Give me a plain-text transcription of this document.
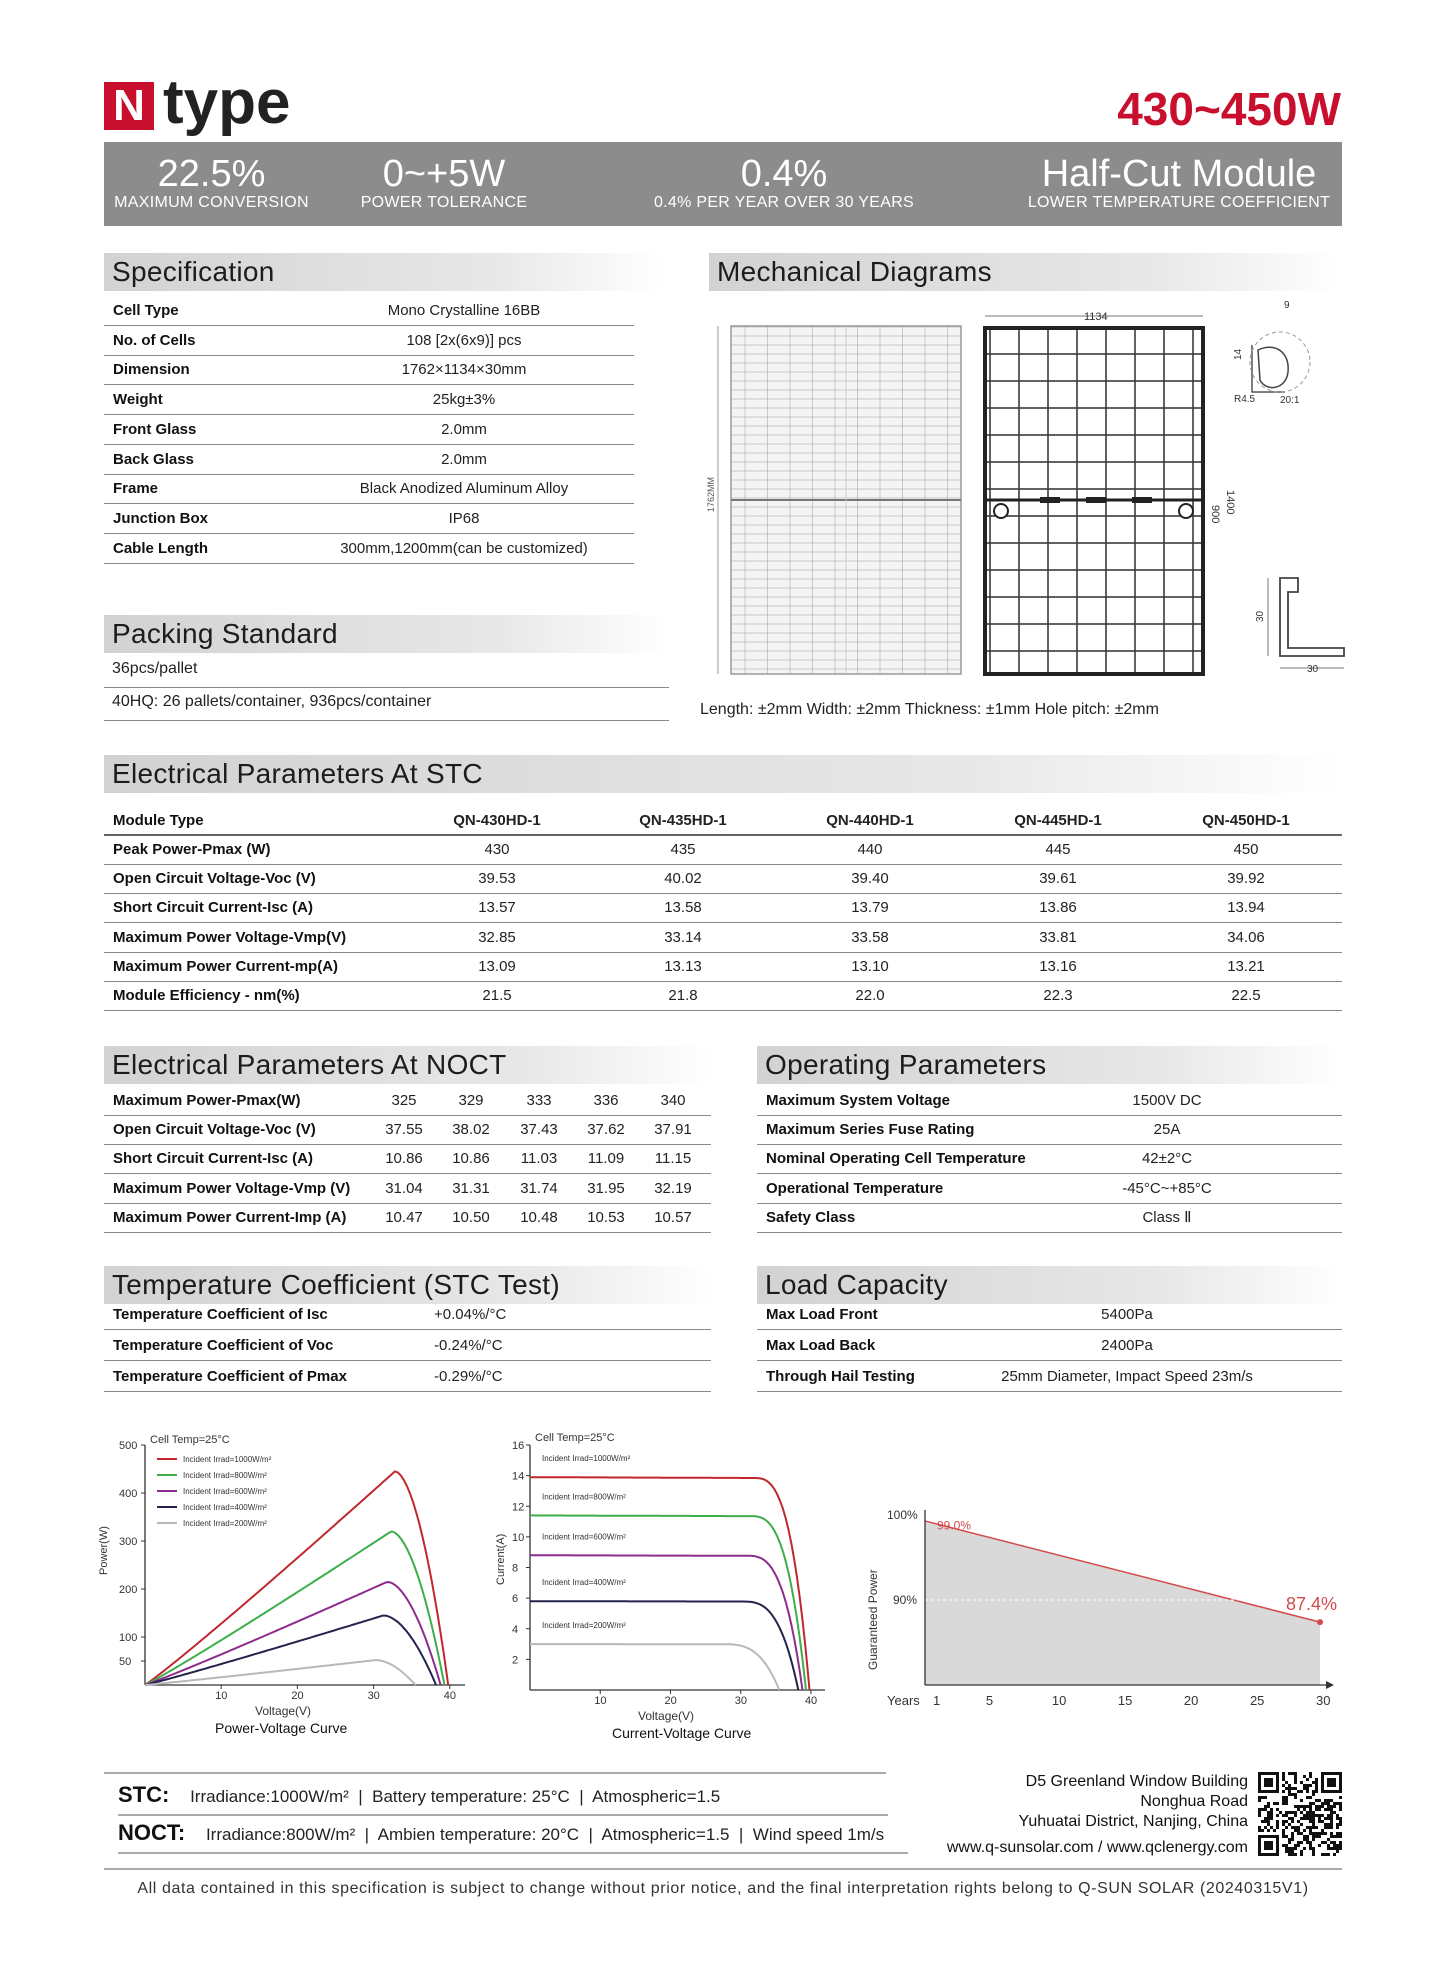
N type	430~450W
22.5%
MAXIMUM CONVERSION
0~+5W
POWER TOLERANCE
0.4%
0.4% PER YEAR OVER 30 YEARS
Half-Cut Module
LOWER TEMPERATURE COEFFICIENT
Specification
Cell Type	Mono Crystalline 16BB
No. of Cells	108 [2x(6x9)] pcs
Dimension	1762×1134×30mm
Weight	25kg±3%
Front Glass	2.0mm
Back Glass	2.0mm
Frame	Black Anodized Aluminum Alloy
Junction Box	IP68
Cable Length	300mm,1200mm(can be customized)
Mechanical Diagrams
1762MM
1134
900 1400
9
14
R4.5 20:1
30
30
Length: ±2mm Width: ±2mm Thickness: ±1mm Hole pitch: ±2mm
Packing Standard
36pcs/pallet
40HQ: 26 pallets/container, 936pcs/container
Electrical Parameters At STC
Module Type	QN-430HD-1	QN-435HD-1	QN-440HD-1	QN-445HD-1	QN-450HD-1
Peak Power-Pmax (W)	430	435	440	445	450
Open Circuit Voltage-Voc (V)	39.53	40.02	39.40	39.61	39.92
Short Circuit Current-Isc (A)	13.57	13.58	13.79	13.86	13.94
Maximum Power Voltage-Vmp(V)	32.85	33.14	33.58	33.81	34.06
Maximum Power Current-mp(A)	13.09	13.13	13.10	13.16	13.21
Module Efficiency - nm(%)	21.5	21.8	22.0	22.3	22.5
Electrical Parameters At NOCT
Maximum Power-Pmax(W)	325	329	333	336	340
Open Circuit Voltage-Voc (V)	37.55	38.02	37.43	37.62	37.91
Short Circuit Current-Isc (A)	10.86	10.86	11.03	11.09	11.15
Maximum Power Voltage-Vmp (V)	31.04	31.31	31.74	31.95	32.19
Maximum Power Current-Imp (A)	10.47	10.50	10.48	10.53	10.57
Operating Parameters
Maximum System Voltage	1500V DC
Maximum Series Fuse Rating	25A
Nominal Operating Cell Temperature	42±2°C
Operational Temperature	-45°C~+85°C
Safety Class	Class Ⅱ
Temperature Coefficient (STC Test)
Temperature Coefficient of Isc	+0.04%/°C
Temperature Coefficient of Voc	-0.24%/°C
Temperature Coefficient of Pmax	-0.29%/°C
Load Capacity
Max Load Front	5400Pa
Max Load Back	2400Pa
Through Hail Testing	25mm Diameter, Impact Speed 23m/s
10	20	30	40
50
100
200
300
400
500 Cell Temp=25°C
Power(W)
Voltage(V)
Power-Voltage Curve
Incident Irrad=1000W/m²
Incident Irrad=800W/m²
Incident Irrad=600W/m²
Incident Irrad=400W/m²
Incident Irrad=200W/m²
10	20	30	40
2
4
6
8
10
12
14
16
Cell Temp=25°C
Current(A)
Voltage(V)
Current-Voltage Curve
Incident Irrad=1000W/m²
Incident Irrad=800W/m²
Incident Irrad=600W/m²
Incident Irrad=400W/m²
Incident Irrad=200W/m²
100%
90%
99.0%
87.4%
Guaranteed Power
Years 1	5	10	15	20	25	30
STC: Irradiance:1000W/m²  |  Battery temperature: 25°C  |  Atmospheric=1.5
NOCT: Irradiance:800W/m²  |  Ambien temperature: 20°C  |  Atmospheric=1.5  |  Wind speed 1m/s
D5 Greenland Window Building
Nonghua Road
Yuhuatai District, Nanjing, China
www.q-sunsolar.com / www.qclenergy.com
All data contained in this specification is subject to change without prior notice, and the final interpretation rights belong to Q-SUN SOLAR (20240315V1)
